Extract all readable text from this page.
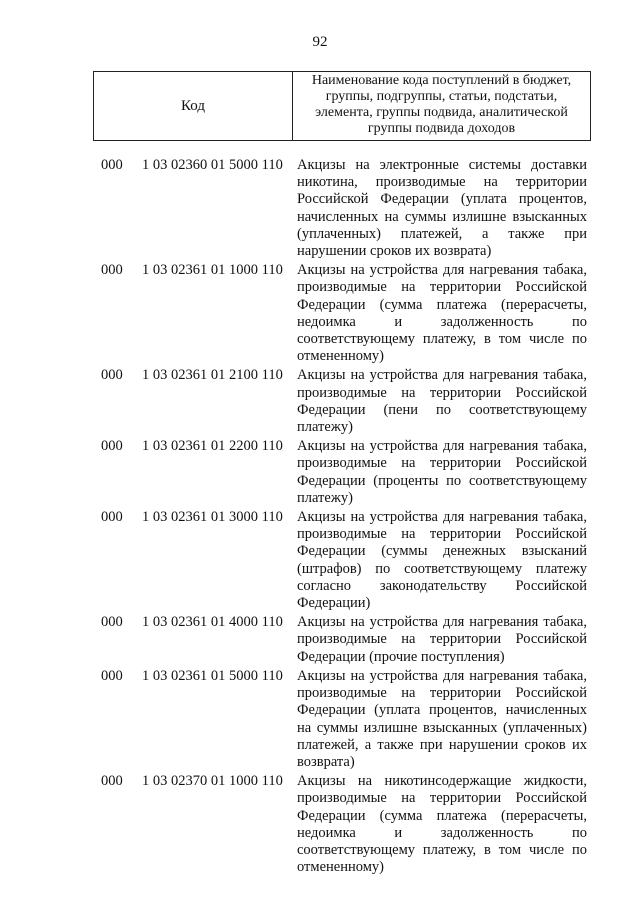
92
Код
Наименование кода поступлений в бюджет, группы, подгруппы, статьи, подстатьи, элемента, группы подвида, аналитической группы подвида доходов
000 1 03 02360 01 5000 110 Акцизы на электронные системы доставки никотина, производимые на территории Российской Федерации (уплата процентов, начисленных на суммы излишне взысканных (уплаченных) платежей, а также при нарушении сроков их возврата)
000 1 03 02361 01 1000 110 Акцизы на устройства для нагревания табака, производимые на территории Российской Федерации (сумма платежа (перерасчеты, недоимка и задолженность по соответствующему платежу, в том числе по отмененному)
000 1 03 02361 01 2100 110 Акцизы на устройства для нагревания табака, производимые на территории Российской Федерации (пени по соответствующему платежу)
000 1 03 02361 01 2200 110 Акцизы на устройства для нагревания табака, производимые на территории Российской Федерации (проценты по соответствующему платежу)
000 1 03 02361 01 3000 110 Акцизы на устройства для нагревания табака, производимые на территории Российской Федерации (суммы денежных взысканий (штрафов) по соответствующему платежу согласно законодательству Российской Федерации)
000 1 03 02361 01 4000 110 Акцизы на устройства для нагревания табака, производимые на территории Российской Федерации (прочие поступления)
000 1 03 02361 01 5000 110 Акцизы на устройства для нагревания табака, производимые на территории Российской Федерации (уплата процентов, начисленных на суммы излишне взысканных (уплаченных) платежей, а также при нарушении сроков их возврата)
000 1 03 02370 01 1000 110 Акцизы на никотинсодержащие жидкости, производимые на территории Российской Федерации (сумма платежа (перерасчеты, недоимка и задолженность по соответствующему платежу, в том числе по отмененному)
